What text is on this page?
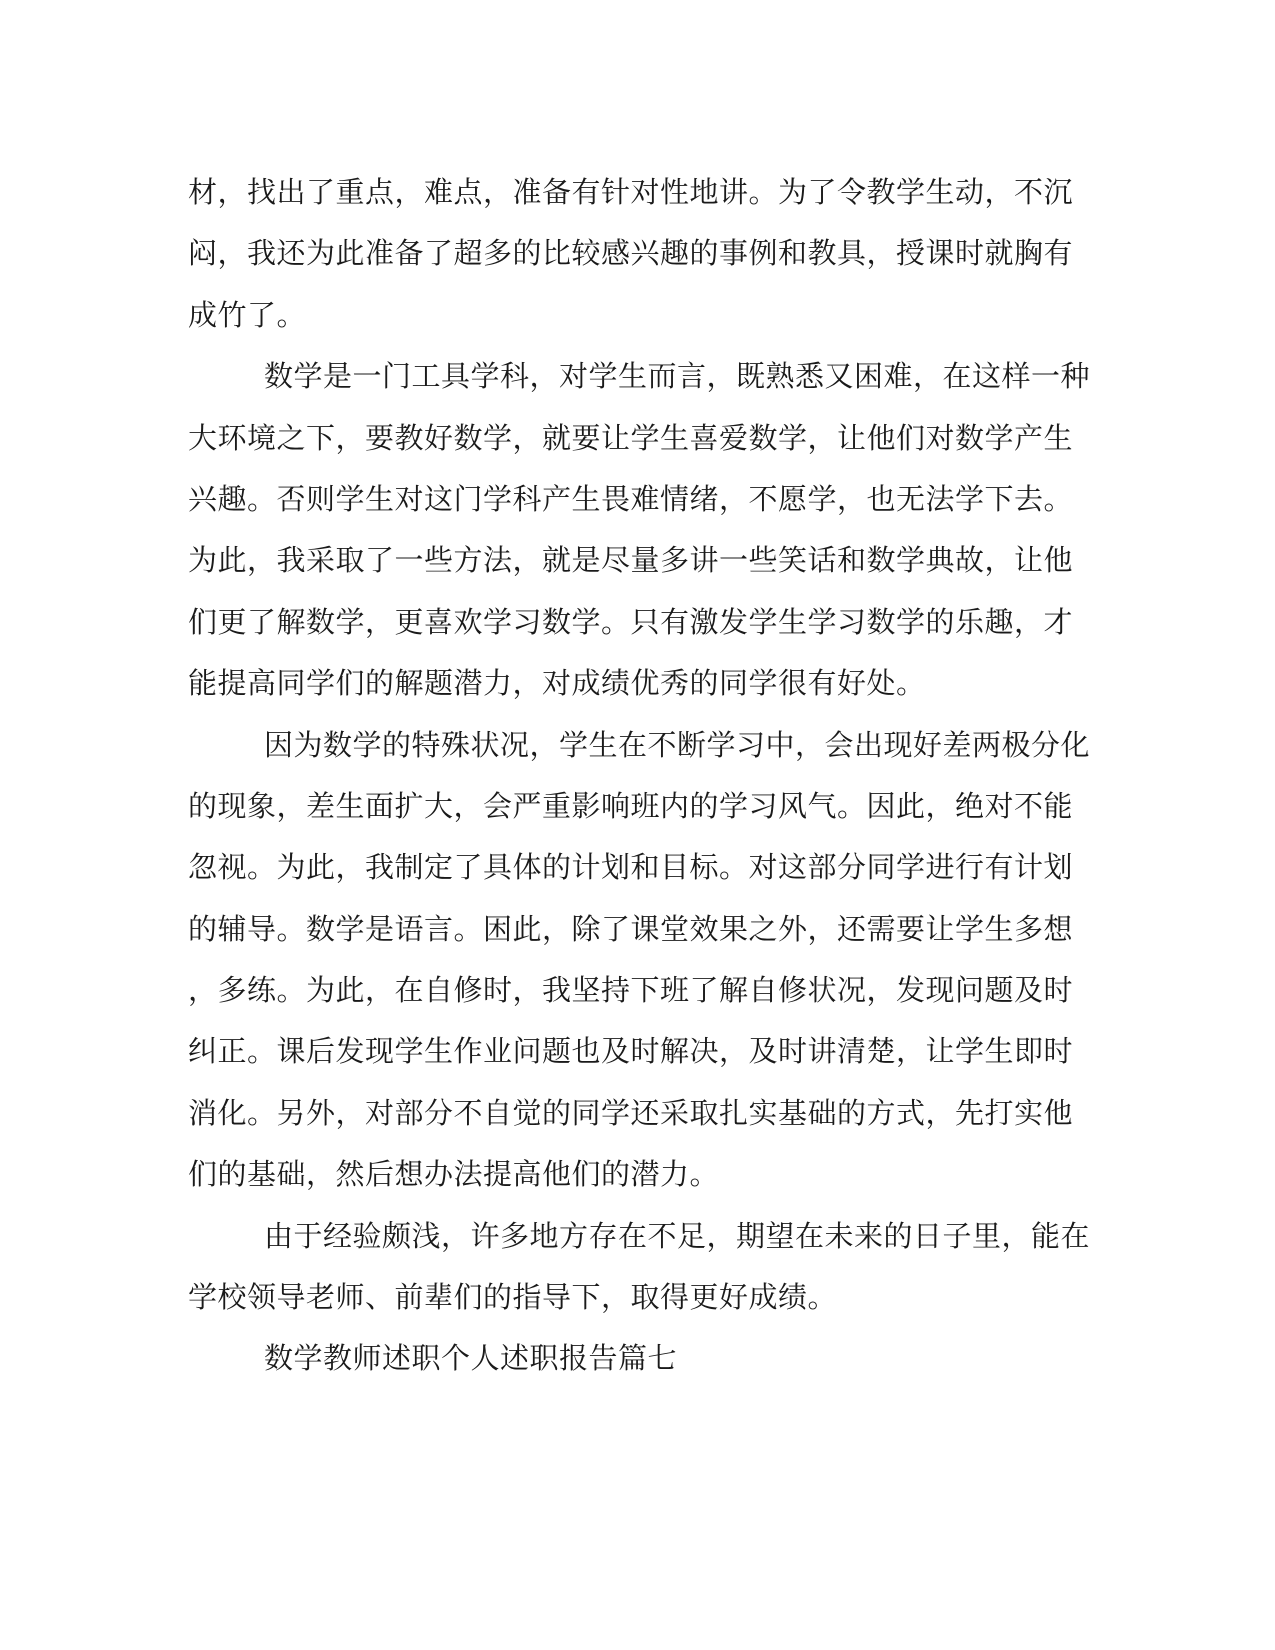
材，找出了重点，难点，准备有针对性地讲。为了令教学生动，不沉
闷，我还为此准备了超多的比较感兴趣的事例和教具，授课时就胸有
成竹了。
数学是一门工具学科，对学生而言，既熟悉又困难，在这样一种
大环境之下，要教好数学，就要让学生喜爱数学，让他们对数学产生
兴趣。否则学生对这门学科产生畏难情绪，不愿学，也无法学下去。
为此，我采取了一些方法，就是尽量多讲一些笑话和数学典故，让他
们更了解数学，更喜欢学习数学。只有激发学生学习数学的乐趣，才
能提高同学们的解题潜力，对成绩优秀的同学很有好处。
因为数学的特殊状况，学生在不断学习中，会出现好差两极分化
的现象，差生面扩大，会严重影响班内的学习风气。因此，绝对不能
忽视。为此，我制定了具体的计划和目标。对这部分同学进行有计划
的辅导。数学是语言。困此，除了课堂效果之外，还需要让学生多想
，多练。为此，在自修时，我坚持下班了解自修状况，发现问题及时
纠正。课后发现学生作业问题也及时解决，及时讲清楚，让学生即时
消化。另外，对部分不自觉的同学还采取扎实基础的方式，先打实他
们的基础，然后想办法提高他们的潜力。
由于经验颇浅，许多地方存在不足，期望在未来的日子里，能在
学校领导老师、前辈们的指导下，取得更好成绩。
数学教师述职个人述职报告篇七
